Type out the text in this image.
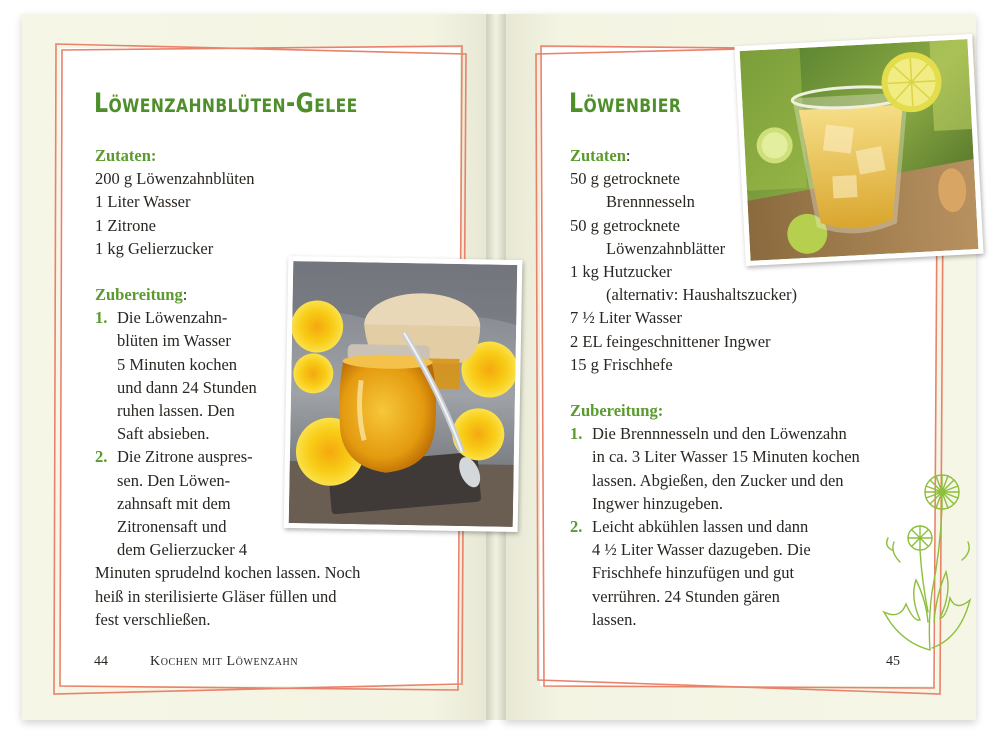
Löwenzahnblüten-Gelee
Zutaten:
200 g Löwenzahnblüten
1 Liter Wasser
1 Zitrone
1 kg Gelierzucker
Zubereitung:
1. Die Löwenzahn-
blüten im Wasser
5 Minuten kochen
und dann 24 Stunden
ruhen lassen. Den
Saft absieben.
2. Die Zitrone auspres-
sen. Den Löwen-
zahnsaft mit dem
Zitronensaft und
dem Gelierzucker 4
Minuten sprudelnd kochen lassen. Noch
heiß in sterilisierte Gläser füllen und
fest verschließen.
44	Kochen mit Löwenzahn
Löwenbier
Zutaten:
50 g getrocknete
Brennnesseln
50 g getrocknete
Löwenzahnblätter
1 kg Hutzucker
(alternativ: Haushaltszucker)
7 ½ Liter Wasser
2 EL feingeschnittener Ingwer
15 g Frischhefe
Zubereitung:
1. Die Brennnesseln und den Löwenzahn
in ca. 3 Liter Wasser 15 Minuten kochen
lassen. Abgießen, den Zucker und den
Ingwer hinzugeben.
2. Leicht abkühlen lassen und dann
4 ½ Liter Wasser dazugeben. Die
Frischhefe hinzufügen und gut
verrühren. 24 Stunden gären
lassen.
45
